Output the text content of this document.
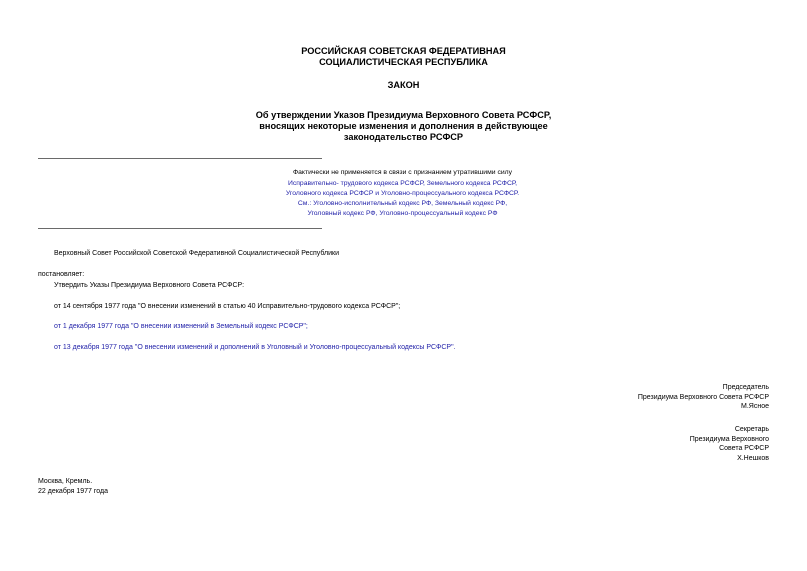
РОССИЙСКАЯ СОВЕТСКАЯ ФЕДЕРАТИВНАЯ
СОЦИАЛИСТИЧЕСКАЯ РЕСПУБЛИКА
ЗАКОН
Об утверждении Указов Президиума Верховного Совета РСФСР,
вносящих некоторые изменения и дополнения в действующее
законодательство РСФСР
Фактически не применяется в связи с признанием утратившими силу
Исправительно- трудового кодекса РСФСР, Земельного кодекса РСФСР,
Уголовного кодекса РСФСР и Уголовно-процессуального кодекса РСФСР.
См.: Уголовно-исполнительный кодекс РФ, Земельный кодекс РФ,
Уголовный кодекс РФ, Уголовно-процессуальный кодекс РФ
Верховный Совет Российской Советской Федеративной Социалистической Республики
постановляет:
Утвердить Указы Президиума Верховного Совета РСФСР:
от 14 сентября 1977 года "О внесении изменений в статью 40 Исправительно-трудового кодекса РСФСР";
от 1 декабря 1977 года "О внесении изменений в Земельный кодекс РСФСР";
от 13 декабря 1977 года "О внесении изменений и дополнений в Уголовный и Уголовно-процессуальный кодексы РСФСР".
Председатель
Президиума Верховного Совета РСФСР
М.Ясное
Секретарь
Президиума Верховного
Совета РСФСР
Х.Нешков
Москва, Кремль.
22 декабря 1977 года
